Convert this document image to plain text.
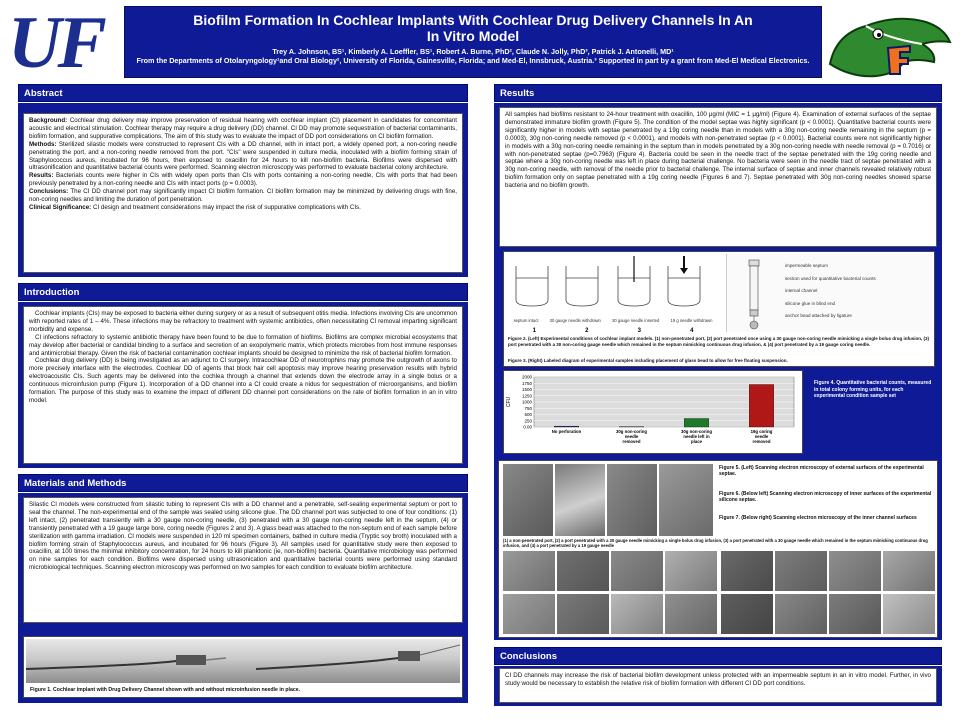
UF	Biofilm Formation In Cochlear Implants With Cochlear Drug Delivery Channels In An
In Vitro Model
Trey A. Johnson, BS¹, Kimberly A. Loeffler, BS¹, Robert A. Burne, PhD², Claude N. Jolly, PhD³, Patrick J. Antonelli, MD¹
From the Departments of Otolaryngology¹and Oral Biology², University of Florida, Gainesville, Florida; and Med-El, Innsbruck, Austria.³ Supported in part by a grant from Med-El Medical Electronics.
Abstract
Background: Cochlear drug delivery may improve preservation of residual hearing with cochlear implant (CI) placement in candidates for concomitant acoustic and electrical stimulation. Cochlear therapy may require a drug delivery (DD) channel. CI DD may promote sequestration of bacterial contaminants, biofilm formation, and suppurative complications. The aim of this study was to evaluate the impact of DD port considerations on CI biofilm formation.
Methods: Sterilized silastic models were constructed to represent CIs with a DD channel, with in intact port, a widely opened port, a non-coring needle penetrating the port, and a non-coring needle removed from the port. "CIs" were suspended in culture media, inoculated with a biofilm forming strain of Staphylococcus aureus, incubated for 96 hours, then exposed to oxacillin for 24 hours to kill non-biofilm bacteria. Biofilms were dispersed with ultrasonification and quantitative bacterial counts were performed. Scanning electron microscopy was performed to evaluate bacterial colony architecture.
Results: Bacterials counts were higher in CIs with widely open ports than CIs with ports containing a non-coring needle, CIs with ports that had been previously penetrated by a non-coring needle and CIs with intact ports (p = 0.0003).
Conclusions: The CI DD channel port may significantly impact CI biofilm formation. CI biofilm formation may be minimized by delivering drugs with fine, non-coring needles and limiting the duration of port penetration.
Clinical Significance: CI design and treatment considerations may impact the risk of suppurative complications with CIs.
Introduction

Cochlear implants (CIs) may be exposed to bacteria either during surgery or as a result of subsequent otitis media. Infections involving CIs are uncommon with reported rates of 1 – 4%. These infections may be refractory to treatment with systemic antibiotics, often necessitating CI removal imparting significant morbidity and expense.

CI infections refractory to systemic antibiotic therapy have been found to be due to formation of biofilms. Biofilms are complex microbial ecosystems that may develop after bacterial or candidal binding to a surface and secretion of an exopolymeric matrix, which protects microbes from host immune responses and antimicrobial therapy. Given the risk of bacterial contamination cochlear implants should be designed to minimize the risk of bacterial biofilm formation.

Cochlear drug delivery (DD) is being investigated as an adjunct to CI surgery. Intracochlear DD of neurotrophins may promote the outgrowth of axons to more precisely interface with the electrodes. Cochlear DD of agents that block hair cell apoptosis may improve hearing preservation results with hybrid electroacoustic CIs. Such agents may be delivered into the cochlea through a channel that extends down the electrode array in a single bolus or a continuous microinfusion pump (Figure 1). Incorporation of a DD channel into a CI could create a nidus for sequestration of microorganisms, and biofilm formation. The purpose of this study was to examine the impact of different DD channel port considerations on the rate of biofilm formation in an in vitro model.

Materials and Methods
Silastic CI models were constructed from silastic tubing to represent CIs with a DD channel and a penetrable, self-sealing experimental septum or port to seal the channel. The non-experimental end of the sample was sealed using silicone glue. The DD channel port was subjected to one of four conditions: (1) left intact, (2) penetrated transiently with a 30 gauge non-coring needle, (3) penetrated with a 30 gauge non-coring needle left in the septum, (4) or transiently penetrated with a 19 gauge large bore, coring needle (Figures 2 and 3). A glass bead was attached to the non-septum end of each sample before sterilization with gamma irradiation. CI models were suspended in 120 ml specimen containers, bathed in culture media (Tryptic soy broth) inoculated with a biofilm forming strain of Staphylococcus aureus, and incubated for 96 hours (Figure 3). All samples used for quantitative study were then exposed to oxacillin, at 100 times the minimal inhibitory concentration, for 24 hours to kill planktonic (ie, non-biofilm) bacteria. Quantitative microbiology was performed on nine samples for each condition. Biofilms were dispersed using ultrasonication and quantitative bacterial counts were performed using standard microbiological techniques. Scanning electron microscopy was performed on two samples for each condition to evaluate biofilm architecture.
Figure 1. Cochlear implant with Drug Delivery Channel shown with and without microinfusion needle in place.
Results
All samples had biofilms resistant to 24-hour treatment with oxacillin, 100 μg/ml (MIC = 1 μg/ml) (Figure 4). Examination of external surfaces of the septae demonstrated immature biofilm growth (Figure 5). The condition of the model septae was highly significant (p < 0.0001). Quantitative bacterial counts were significantly higher in models with septae penetrated by a 19g coring needle than in models with a 30g non-coring needle remaining in the septum (p = 0.0003), 30g non-coring needle removed (p < 0.0001), and models with non-penetrated septae (p < 0.0001). Bacterial counts were not significantly higher in models with a 30g non-coring needle remaining in the septum than in models penetrated by a 30g non-coring needle with needle removal (p = 0.7016) or with non-penetrated septae (p=0.7963) (Figure 4). Bacteria could be seen in the needle tract of the septae penetrated with the 19g coring needle and septae where a 30g non-coring needle was left in place during bacterial challenge. No bacteria were seen in the needle tract of septae penetrated with a 30g non-coring needle, with removal of the needle prior to bacterial challenge. The internal surface of septae and inner channels revealed relatively robust biofilm formation only on septae penetrated with a 19g coring needle (Figures 6 and 7). Septae penetrated with 30g non-coring needles showed sparse bacteria and no biofilm growth.
septum intact	30 gauge needle withdrawn	30 gauge needle inserted	19 g needle withdrawn
1	2	3	4
impermeable septum
section used for quantitative bacterial counts
internal channel
silicone glue in blind end
anchor bead attached by ligature
Figure 2. (Left) Experimental conditions of cochlear implant models. (1) non-penetrated port, (2) port penetrated once using a 30 gauge non-coring needle mimicking a single bolus drug infusion, (3) port penetrated with a 30 non-coring gauge needle which remained in the septum mimicking continuous drug infusion, & (4) port penetrated by a 19 gauge coring needle.
Figure 3. (Right) Labeled diagram of experimental samples including placement of glass bead to allow for free floating suspension.
0.00
250
500
750
1000
1250
1500
1750
2000
CFU
No perforation	30g non-coring
needle
removed
30g non-coring
needle left in
place
19g coring
needle
removed
Figure 4. Quantitative bacterial counts, measured in total colony forming units, for each experimental condition sample set
Figure 5. (Left) Scanning electron microscopy of external surfaces of the experimental septae.
Figure 6. (Below left) Scanning electron microscopy of inner surfaces of the experimental silicone septae.
Figure 7. (Below right) Scanning electron microscopy of the inner channel surfaces
(1) a non-penetrated port, (2) a port penetrated with a 30 gauge needle mimicking a single bolus drug infusion, (3) a port penetrated with a 30 gauge needle which remained in the septum mimicking continuous drug infusion, and (4) a port penetrated by a 19 gauge needle
Conclusions
CI DD channels may increase the risk of bacterial biofilm development unless protected with an impermeable septum in an in vitro model. Further, in vivo study would be necessary to establish the relative risk of biofilm formation with different CI DD port conditions.
